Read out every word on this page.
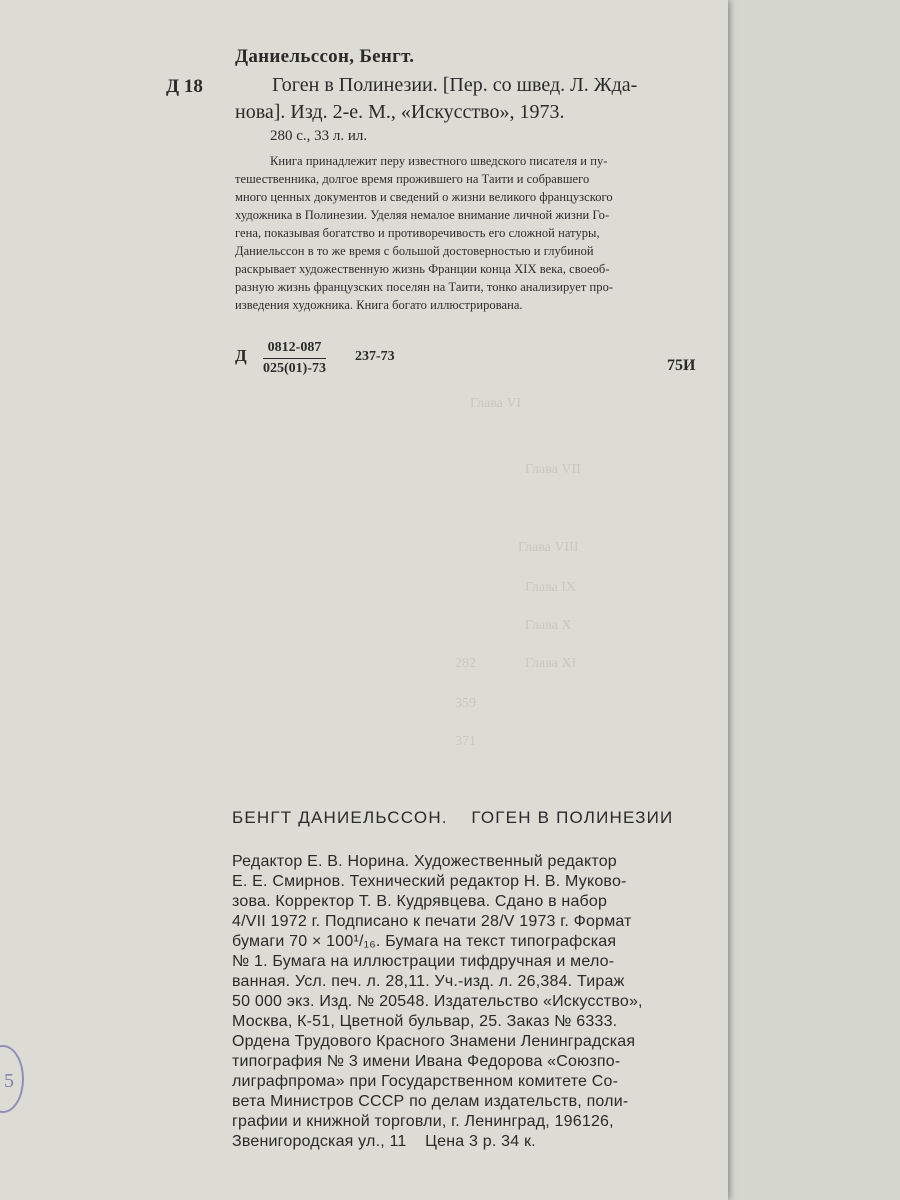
Глава VI
Глава VII
Глава VIII
Глава IX
Глава X
Глава XI
282
359
371
Даниельссон, Бенгт.
Д 18	Гоген в Полинезии. [Пер. со швед. Л. Жда-
нова]. Изд. 2-е. М., «Искусство», 1973.
280 с., 33 л. ил.
Книга принадлежит перу известного шведского писателя и пу-
тешественника, долгое время прожившего на Таити и собравшего
много ценных документов и сведений о жизни великого французского
художника в Полинезии. Уделяя немалое внимание личной жизни Го-
гена, показывая богатство и противоречивость его сложной натуры,
Даниельссон в то же время с большой достоверностью и глубиной
раскрывает художественную жизнь Франции конца XIX века, своеоб-
разную жизнь французских поселян на Таити, тонко анализирует про-
изведения художника. Книга богато иллюстрирована.
Д $\frac{0812-087}{025(01)-73} 237-73$
75И
БЕНГТ ДАНИЕЛЬССОН.    ГОГЕН В ПОЛИНЕЗИИ
Редактор Е. В. Норина. Художественный редактор
Е. Е. Смирнов. Технический редактор Н. В. Муково-
зова. Корректор Т. В. Кудрявцева. Сдано в набор
4/VII 1972 г. Подписано к печати 28/V 1973 г. Формат
бумаги 70 × 100¹/₁₆. Бумага на текст типографская
№ 1. Бумага на иллюстрации тифдручная и мело-
ванная. Усл. печ. л. 28,11. Уч.-изд. л. 26,384. Тираж
50 000 экз. Изд. № 20548. Издательство «Искусство»,
Москва, К-51, Цветной бульвар, 25. Заказ № 6333.
Ордена Трудового Красного Знамени Ленинградская
типография № 3 имени Ивана Федорова «Союзпо-
лиграфпрома» при Государственном комитете Со-
вета Министров СССР по делам издательств, поли-
графии и книжной торговли, г. Ленинград, 196126,
Звенигородская ул., 11    Цена 3 р. 34 к.
5
